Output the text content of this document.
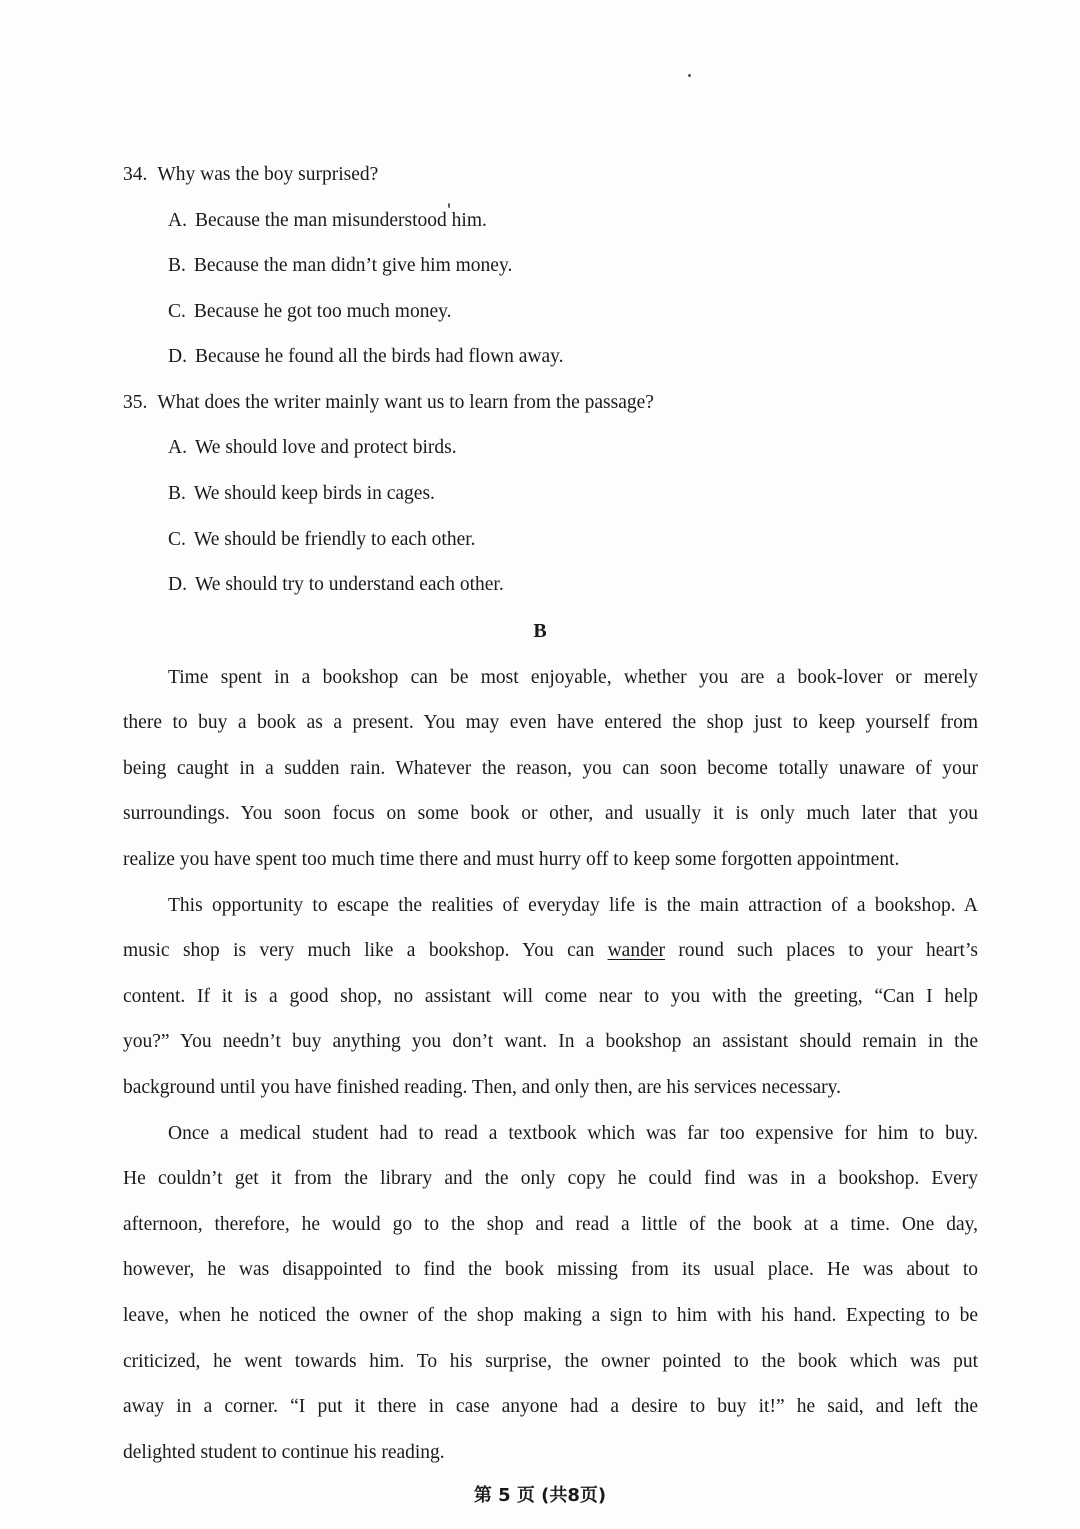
34. Why was the boy surprised?
A. Because the man misunderstood him.
B. Because the man didn’t give him money.
C. Because he got too much money.
D. Because he found all the birds had flown away.
35. What does the writer mainly want us to learn from the passage?
A. We should love and protect birds.
B. We should keep birds in cages.
C. We should be friendly to each other.
D. We should try to understand each other.
B
Time spent in a bookshop can be most enjoyable, whether you are a book-lover or merely
there to buy a book as a present. You may even have entered the shop just to keep yourself from
being caught in a sudden rain. Whatever the reason, you can soon become totally unaware of your
surroundings. You soon focus on some book or other, and usually it is only much later that you
realize you have spent too much time there and must hurry off to keep some forgotten appointment.
This opportunity to escape the realities of everyday life is the main attraction of a bookshop. A
music shop is very much like a bookshop. You can wander round such places to your heart’s
content. If it is a good shop, no assistant will come near to you with the greeting, “Can I help
you?” You needn’t buy anything you don’t want. In a bookshop an assistant should remain in the
background until you have finished reading. Then, and only then, are his services necessary.
Once a medical student had to read a textbook which was far too expensive for him to buy.
He couldn’t get it from the library and the only copy he could find was in a bookshop. Every
afternoon, therefore, he would go to the shop and read a little of the book at a time. One day,
however, he was disappointed to find the book missing from its usual place. He was about to
leave, when he noticed the owner of the shop making a sign to him with his hand. Expecting to be
criticized, he went towards him. To his surprise, the owner pointed to the book which was put
away in a corner. “I put it there in case anyone had a desire to buy it!” he said, and left the
delighted student to continue his reading.
第 5 页 (共8页)
